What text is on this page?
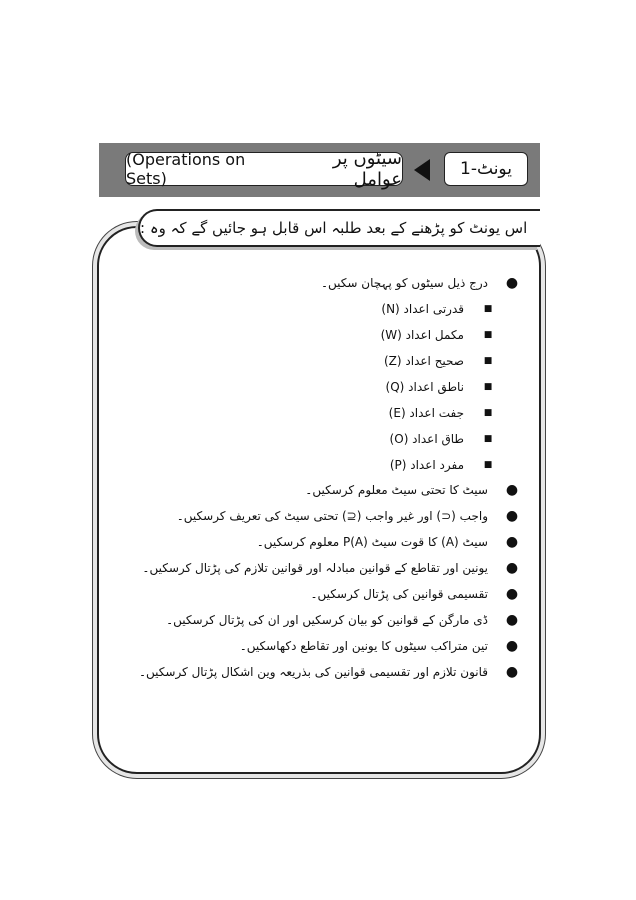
یونٹ-1
سیٹوں پر عوامل
(Operations on Sets)
اس یونٹ کو پڑھنے کے بعد طلبہ اس قابل ہو جائیں گے کہ وہ :
●
درج ذیل سیٹوں کو پہچان سکیں۔
■
قدرتی اعداد (N)
■
مکمل اعداد (W)
■
صحیح اعداد (Z)
■
ناطق اعداد (Q)
■
جفت اعداد (E)
■
طاق اعداد (O)
■
مفرد اعداد (P)
●
سیٹ کا تحتی سیٹ معلوم کرسکیں۔
●
واجب (⊂) اور غیر واجب (⊆) تحتی سیٹ کی تعریف کرسکیں۔
●
سیٹ (A) کا قوت سیٹ P(A) معلوم کرسکیں۔
●
یونین اور تقاطع کے قوانین مبادلہ اور قوانین تلازم کی پڑتال کرسکیں۔
●
تقسیمی قوانین کی پڑتال کرسکیں۔
●
ڈی مارگن کے قوانین کو بیان کرسکیں اور ان کی پڑتال کرسکیں۔
●
تین متراکب سیٹوں کا یونین اور تقاطع دکھاسکیں۔
●
قانون تلازم اور تقسیمی قوانین کی بذریعہ وین اشکال پڑتال کرسکیں۔
